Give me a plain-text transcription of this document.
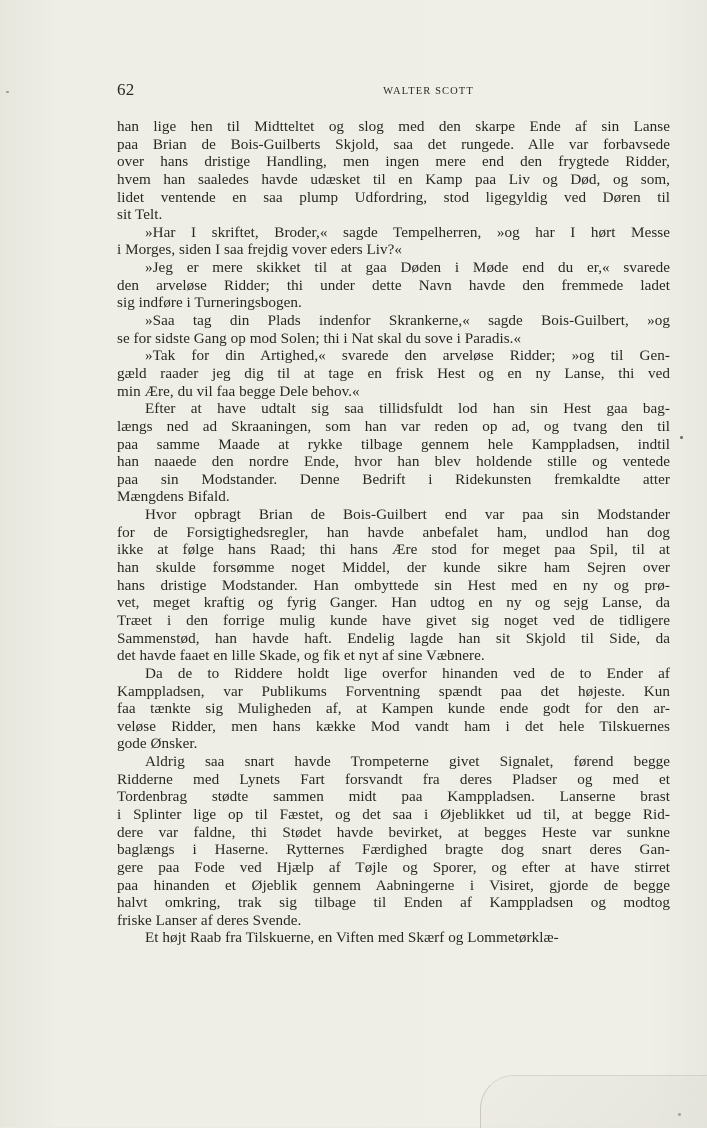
62	WALTER SCOTT
han lige hen til Midtteltet og slog med den skarpe Ende af sin Lanse
paa Brian de Bois-Guilberts Skjold, saa det rungede. Alle var forbavsede
over hans dristige Handling, men ingen mere end den frygtede Ridder,
hvem han saaledes havde udæsket til en Kamp paa Liv og Død, og som,
lidet ventende en saa plump Udfordring, stod ligegyldig ved Døren til
sit Telt.
»Har I skriftet, Broder,« sagde Tempelherren, »og har I hørt Messe
i Morges, siden I saa frejdig vover eders Liv?«
»Jeg er mere skikket til at gaa Døden i Møde end du er,« svarede
den arveløse Ridder; thi under dette Navn havde den fremmede ladet
sig indføre i Turneringsbogen.
»Saa tag din Plads indenfor Skrankerne,« sagde Bois-Guilbert, »og
se for sidste Gang op mod Solen; thi i Nat skal du sove i Paradis.«
»Tak for din Artighed,« svarede den arveløse Ridder; »og til Gen-
gæld raader jeg dig til at tage en frisk Hest og en ny Lanse, thi ved
min Ære, du vil faa begge Dele behov.«
Efter at have udtalt sig saa tillidsfuldt lod han sin Hest gaa bag-
længs ned ad Skraaningen, som han var reden op ad, og tvang den til
paa samme Maade at rykke tilbage gennem hele Kamppladsen, indtil
han naaede den nordre Ende, hvor han blev holdende stille og ventede
paa sin Modstander. Denne Bedrift i Ridekunsten fremkaldte atter
Mængdens Bifald.
Hvor opbragt Brian de Bois-Guilbert end var paa sin Modstander
for de Forsigtighedsregler, han havde anbefalet ham, undlod han dog
ikke at følge hans Raad; thi hans Ære stod for meget paa Spil, til at
han skulde forsømme noget Middel, der kunde sikre ham Sejren over
hans dristige Modstander. Han ombyttede sin Hest med en ny og prø-
vet, meget kraftig og fyrig Ganger. Han udtog en ny og sejg Lanse, da
Træet i den forrige mulig kunde have givet sig noget ved de tidligere
Sammenstød, han havde haft. Endelig lagde han sit Skjold til Side, da
det havde faaet en lille Skade, og fik et nyt af sine Væbnere.
Da de to Riddere holdt lige overfor hinanden ved de to Ender af
Kamppladsen, var Publikums Forventning spændt paa det højeste. Kun
faa tænkte sig Muligheden af, at Kampen kunde ende godt for den ar-
veløse Ridder, men hans kække Mod vandt ham i det hele Tilskuernes
gode Ønsker.
Aldrig saa snart havde Trompeterne givet Signalet, førend begge
Ridderne med Lynets Fart forsvandt fra deres Pladser og med et
Tordenbrag stødte sammen midt paa Kamppladsen. Lanserne brast
i Splinter lige op til Fæstet, og det saa i Øjeblikket ud til, at begge Rid-
dere var faldne, thi Stødet havde bevirket, at begges Heste var sunkne
baglængs i Haserne. Rytternes Færdighed bragte dog snart deres Gan-
gere paa Fode ved Hjælp af Tøjle og Sporer, og efter at have stirret
paa hinanden et Øjeblik gennem Aabningerne i Visiret, gjorde de begge
halvt omkring, trak sig tilbage til Enden af Kamppladsen og modtog
friske Lanser af deres Svende.
Et højt Raab fra Tilskuerne, en Viften med Skærf og Lommetørklæ-
